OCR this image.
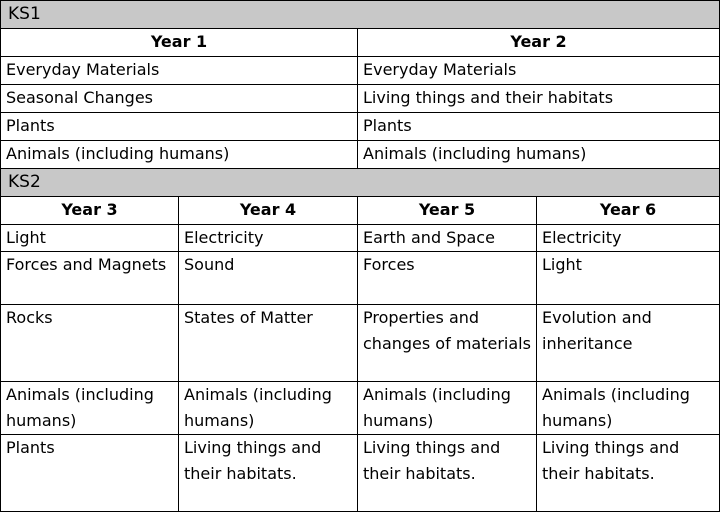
KS1			
Year 1		Year 2	
Everyday Materials		Everyday Materials	
Seasonal Changes		Living things and their habitats	
Plants		Plants	
Animals (including humans)		Animals (including humans)	
KS2			
Year 3	Year 4	Year 5	Year 6
Light	Electricity	Earth and Space	Electricity
Forces and Magnets	Sound	Forces	Light
Rocks	States of Matter	Properties and changes of materials	Evolution and inheritance
Animals (including humans)	Animals (including humans)	Animals (including humans)	Animals (including humans)
Plants	Living things and their habitats.	Living things and their habitats.	Living things and their habitats.
